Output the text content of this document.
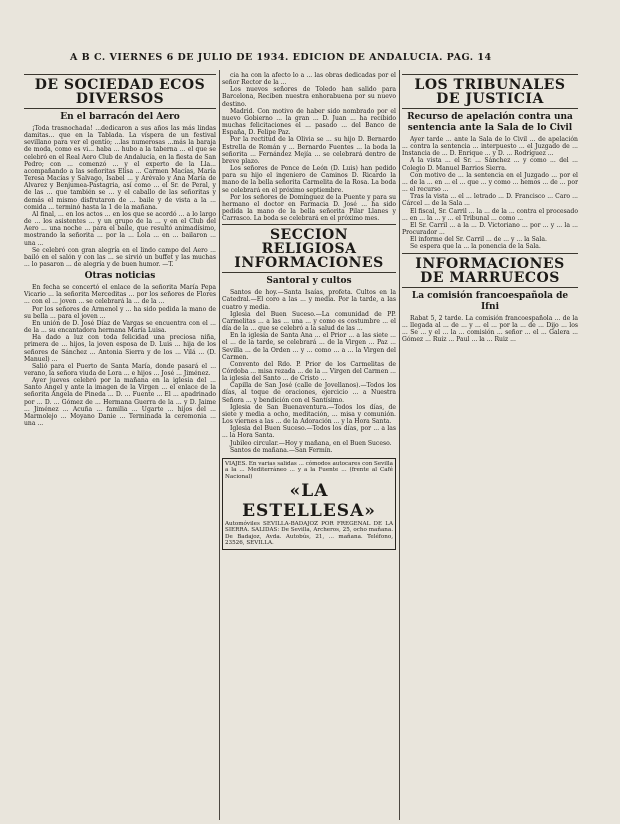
A B C. VIERNES 6 DE JULIO DE 1934. EDICION DE ANDALUCIA. PAG. 14
DE SOCIEDAD ECOS DIVERSOS
En el barracón del Aero

¡Toda trasnochada! ...dedicaron a sus años las más lindas damitas... que en la Tablada. La víspera de un festival sevillano para ver el gentío; ...las numerosas ...más la baraja de moda, como es vi... haba ... hubo a la taberna ... el que se celebró en el Real Aero Club de Andalucía, en la fiesta de San Pedro; con ... comenzó ... y el experto de la Lla... acompañando a las señoritas Elisa ... Carmen Macías, María Teresa Macías y Salvago, Isabel ... y Arévalo y Ana María de Alvarez y Benjumea-Pastagria, así como ... el Sr. de Peral, y de las ... que también se ... y el caballo de las señoritas y demás el mismo disfrutaron de ... baile y de vista a la ... comida ... terminó hasta la 1 de la mañana.

Al final, ... en los actos ... en los que se acordó ... a lo largo de ... los asistentes ... y un grupo de la ... y en el Club del Aero ... una noche ... para el baile, que resultó animadísimo, mostrando la señorita ... por la ... Lola ... en ... bailaron ... una ...

Se celebró con gran alegría en el lindo campo del Aero ... bailó en el salón y con las ... se sirvió un buffet y las muchas ... lo pasaron ... de alegría y de buen humor. —T.

Otras noticias

En fecha se concertó el enlace de la señorita María Pepa Vicario ... la señorita Merceditas ... por los señores de Flores ... con el ... joven ... se celebrará la ... de la ...

Por los señores de Armenol y ... ha sido pedida la mano de su bella ... para el joven ...

En unión de D. José Díaz de Vargas se encuentra con el ... de la ... su encantadora hermana María Luisa.

Ha dado a luz con toda felicidad una preciosa niña, primera de ... hijos, la joven esposa de D. Luis ... hija de los señores de Sánchez ... Antonia Sierra y de los ... Vilá ... (D. Manuel) ...

Salió para el Puerto de Santa María, donde pasará el ... verano, la señora viuda de Lora ... e hijos ... José ... Jiménez.

Ayer jueves celebró por la mañana en la iglesia del ... Santo Ángel y ante la imagen de la Virgen ... el enlace de la señorita Angela de Pineda ... D. ... Fuente ... El ... apadrinado por ... D. ... Gómez de ... Hermana Guerra de la ... y D. Jaime ... Jiménez ... Acuña ... familia ... Ugarte ... hijos del ... Marmolejo ... Moyano Danie ... Terminada la ceremonia ... una ...

cia ha con la afecto lo a ... las obras dedicadas por el señor Rector de la ...

Los nuevos señores de Toledo han salido para Barcelona, Reciben nuestra enhorabuena por su nuevo destino.

Madrid. Con motivo de haber sido nombrado por el nuevo Gobierno ... la gran ... D. Juan ... ha recibido muchas felicitaciones el ... pasado ... del Banco de España, D. Felipe Paz.

Por la rectitud de la Olivia se ... su hijo D. Bernardo Estrella de Román y ... Bernardo Fuentes ... la boda la señorita ... Fernández Mejía ... se celebrará dentro de breve plazo.

Los señores de Ponce de León (D. Luis) han pedido para su hijo el ingeniero de Caminos D. Ricardo la mano de la bella señorita Carmelita de la Rosa. La boda se celebrará en el próximo septiembre.

Por los señores de Domínguez de la Puente y para su hermano el doctor en Farmacia D. José ... ha sido pedida la mano de la bella señorita Pilar Llanes y Carrasco. La boda se celebrará en el próximo mes.

SECCION RELIGIOSA INFORMACIONES
Santoral y cultos

Santos de hoy.—Santa Isaías, profeta. Cultos en la Catedral.—El coro a las ... y media. Por la tarde, a las cuatro y media.

Iglesia del Buen Suceso.—La comunidad de PP. Carmelitas ... a las ... una ... y como es costumbre ... el día de la ... que se celebró a la salud de las ...

En la iglesia de Santa Ana ... el Prior ... a las siete ... el ... de la tarde, se celebrará ... de la Virgen ... Paz ... Sevilla ... de la Orden ... y ... como ... a ... la Virgen del Carmen.

Convento del Rdo. P. Prior de los Carmelitas de Córdoba ... misa rezada ... de la ... Virgen del Carmen ... la iglesia del Santo ... de Cristo ...

Capilla de San José (calle de Jovellanos).—Todos los días, al toque de oraciones, ejercicio ... a Nuestra Señora ... y bendición con el Santísimo.

Iglesia de San Buenaventura.—Todos los días, de siete y media a ocho, meditación, ... misa y comunión. Los viernes a las ... de la Adoración ... y la Hora Santa.

Iglesia del Buen Suceso.—Todos los días, por ... a las ... la Hora Santa.

Jubileo circular.—Hoy y mañana, en el Buen Suceso.

Santos de mañana.—San Fermín.

VIAJES. En varias salidas ... cómodos autocares con Sevilla a la ... Mediterráneo ... y a la Fuente ... (frente al Café Nacional)
«LA ESTELLESA»
Automóviles SEVILLA-BADAJOZ POR FREGENAL DE LA SIERRA. SALIDAS: De Sevilla, Archeros, 25, ocho mañana. De Badajoz, Avda. Autobús, 21, ... mañana. Teléfono, 23526, SEVILLA.
LOS TRIBUNALES DE JUSTICIA
Recurso de apelación contra una sentencia ante la Sala de lo Civil

Ayer tarde ... ante la Sala de lo Civil ... de apelación ... contra la sentencia ... interpuesto ... el Juzgado de ... Instancia de ... D. Enrique ... y D. ... Rodríguez ...

A la vista ... el Sr. ... Sánchez ... y como ... del ... Colegio D. Manuel Barrios Sierra.

Con motivo de ... la sentencia en el Juzgado ... por el ... de la ... en ... el ... que ... y como ... hemos ... de ... por ... el recurso ...

Tras la vista ... el ... letrado ... D. Francisco ... Caro ... Cárcel ... de la Sala ...

El fiscal, Sr. Carril ... la ... de la ... contra el procesado ... en ... la ... y ... el Tribunal ... como ...

El Sr. Carril ... a la ... D. Victoriano ... por ... y ... la ... Procurador ...

El informe del Sr. Carril ... de ... y ... la Sala.

Se espera que la ... la ponencia de la Sala.

INFORMACIONES DE MARRUECOS
La comisión francoespañola de Ifni

Rabat 5, 2 tarde. La comisión francoespañola ... de la ... llegada al ... de ... y ... el ... por la ... de ... Dijo ... los ... Se ... y el ... la ... comisión ... señor ... el ... Galera ... Gómez ... Ruiz ... Paul ... la ... Ruiz ...
